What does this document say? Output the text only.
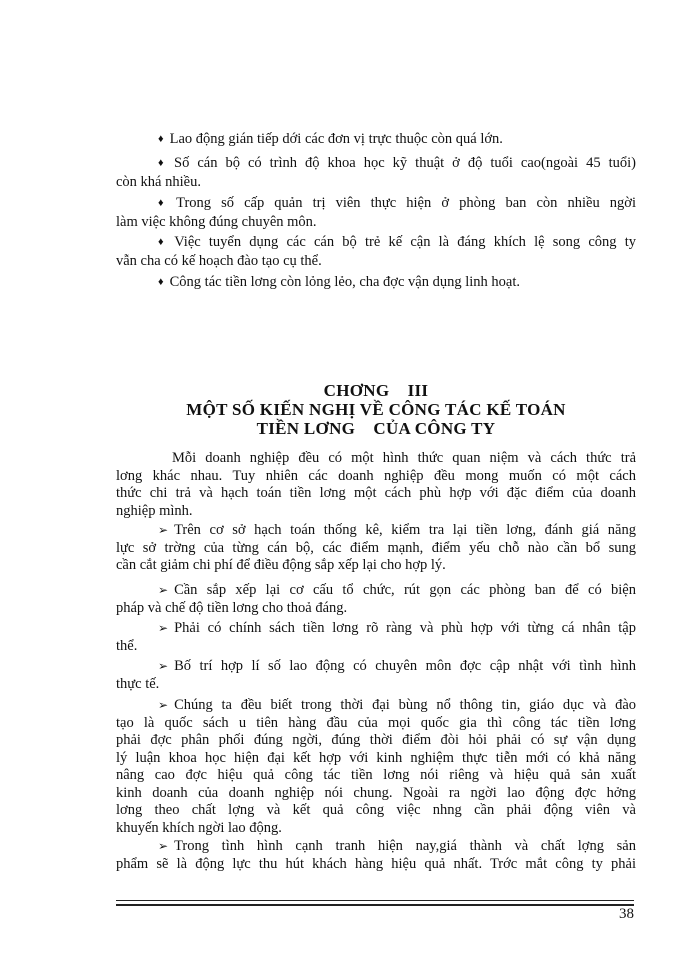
♦ Lao động gián tiếp dới các đơn vị trực thuộc còn quá lớn.
♦ Số cán bộ có trình độ khoa học kỹ thuật ở độ tuổi cao(ngoài 45 tuổi)
còn khá nhiều.
♦ Trong số cấp quản trị viên thực hiện ở phòng ban còn nhiều ngời
làm việc không đúng chuyên môn.
♦ Việc tuyển dụng các cán bộ trẻ kế cận là đáng khích lệ song công ty
vẫn cha có kế hoạch đào tạo cụ thể.
♦ Công tác tiền lơng còn lỏng lẻo, cha đợc vận dụng linh hoạt.
CHƠNG    III
MỘT SỐ KIẾN NGHỊ VỀ CÔNG TÁC KẾ TOÁN
TIỀN LƠNG    CỦA CÔNG TY
Mỗi doanh nghiệp đều có một hình thức quan niệm và cách thức trả
lơng khác nhau. Tuy nhiên các doanh nghiệp đều mong muốn có một cách
thức chi trả và hạch toán tiền lơng một cách phù hợp với đặc điểm của doanh
nghiệp mình.
➢ Trên cơ sở hạch toán thống kê, kiểm tra lại tiền lơng, đánh giá năng
lực sở trờng của từng cán bộ, các điểm mạnh, điểm yếu chỗ nào cần bổ sung
cần cắt giảm chi phí để điều động sắp xếp lại cho hợp lý.
➢ Cần sắp xếp lại cơ cấu tổ chức, rút gọn các phòng ban để có biện
pháp và chế độ tiền lơng cho thoả đáng.
➢ Phải có chính sách tiền lơng rõ ràng và phù hợp với từng cá nhân tập
thể.
➢ Bố trí hợp lí số lao động có chuyên môn đợc cập nhật với tình hình
thực tế.
➢ Chúng ta đều biết trong thời đại bùng nổ thông tin, giáo dục và đào
tạo là quốc sách u tiên hàng đầu của mọi quốc gia thì công tác tiền lơng
phải đợc phân phối đúng ngời, đúng thời điểm đòi hỏi phải có sự vận dụng
lý luận khoa học hiện đại kết hợp với kinh nghiệm thực tiễn mới có khả năng
nâng cao đợc hiệu quả công tác tiền lơng nói riêng và hiệu quả sản xuất
kinh doanh của doanh nghiệp nói chung. Ngoài ra ngời lao động đợc hởng
lơng theo chất lợng và kết quả công việc nhng cần phải động viên và
khuyến khích ngời lao động.
➢ Trong tình hình cạnh tranh hiện nay,giá thành và chất lợng sản
phẩm sẽ là động lực thu hút khách hàng hiệu quả nhất. Trớc mắt công ty phải
38
